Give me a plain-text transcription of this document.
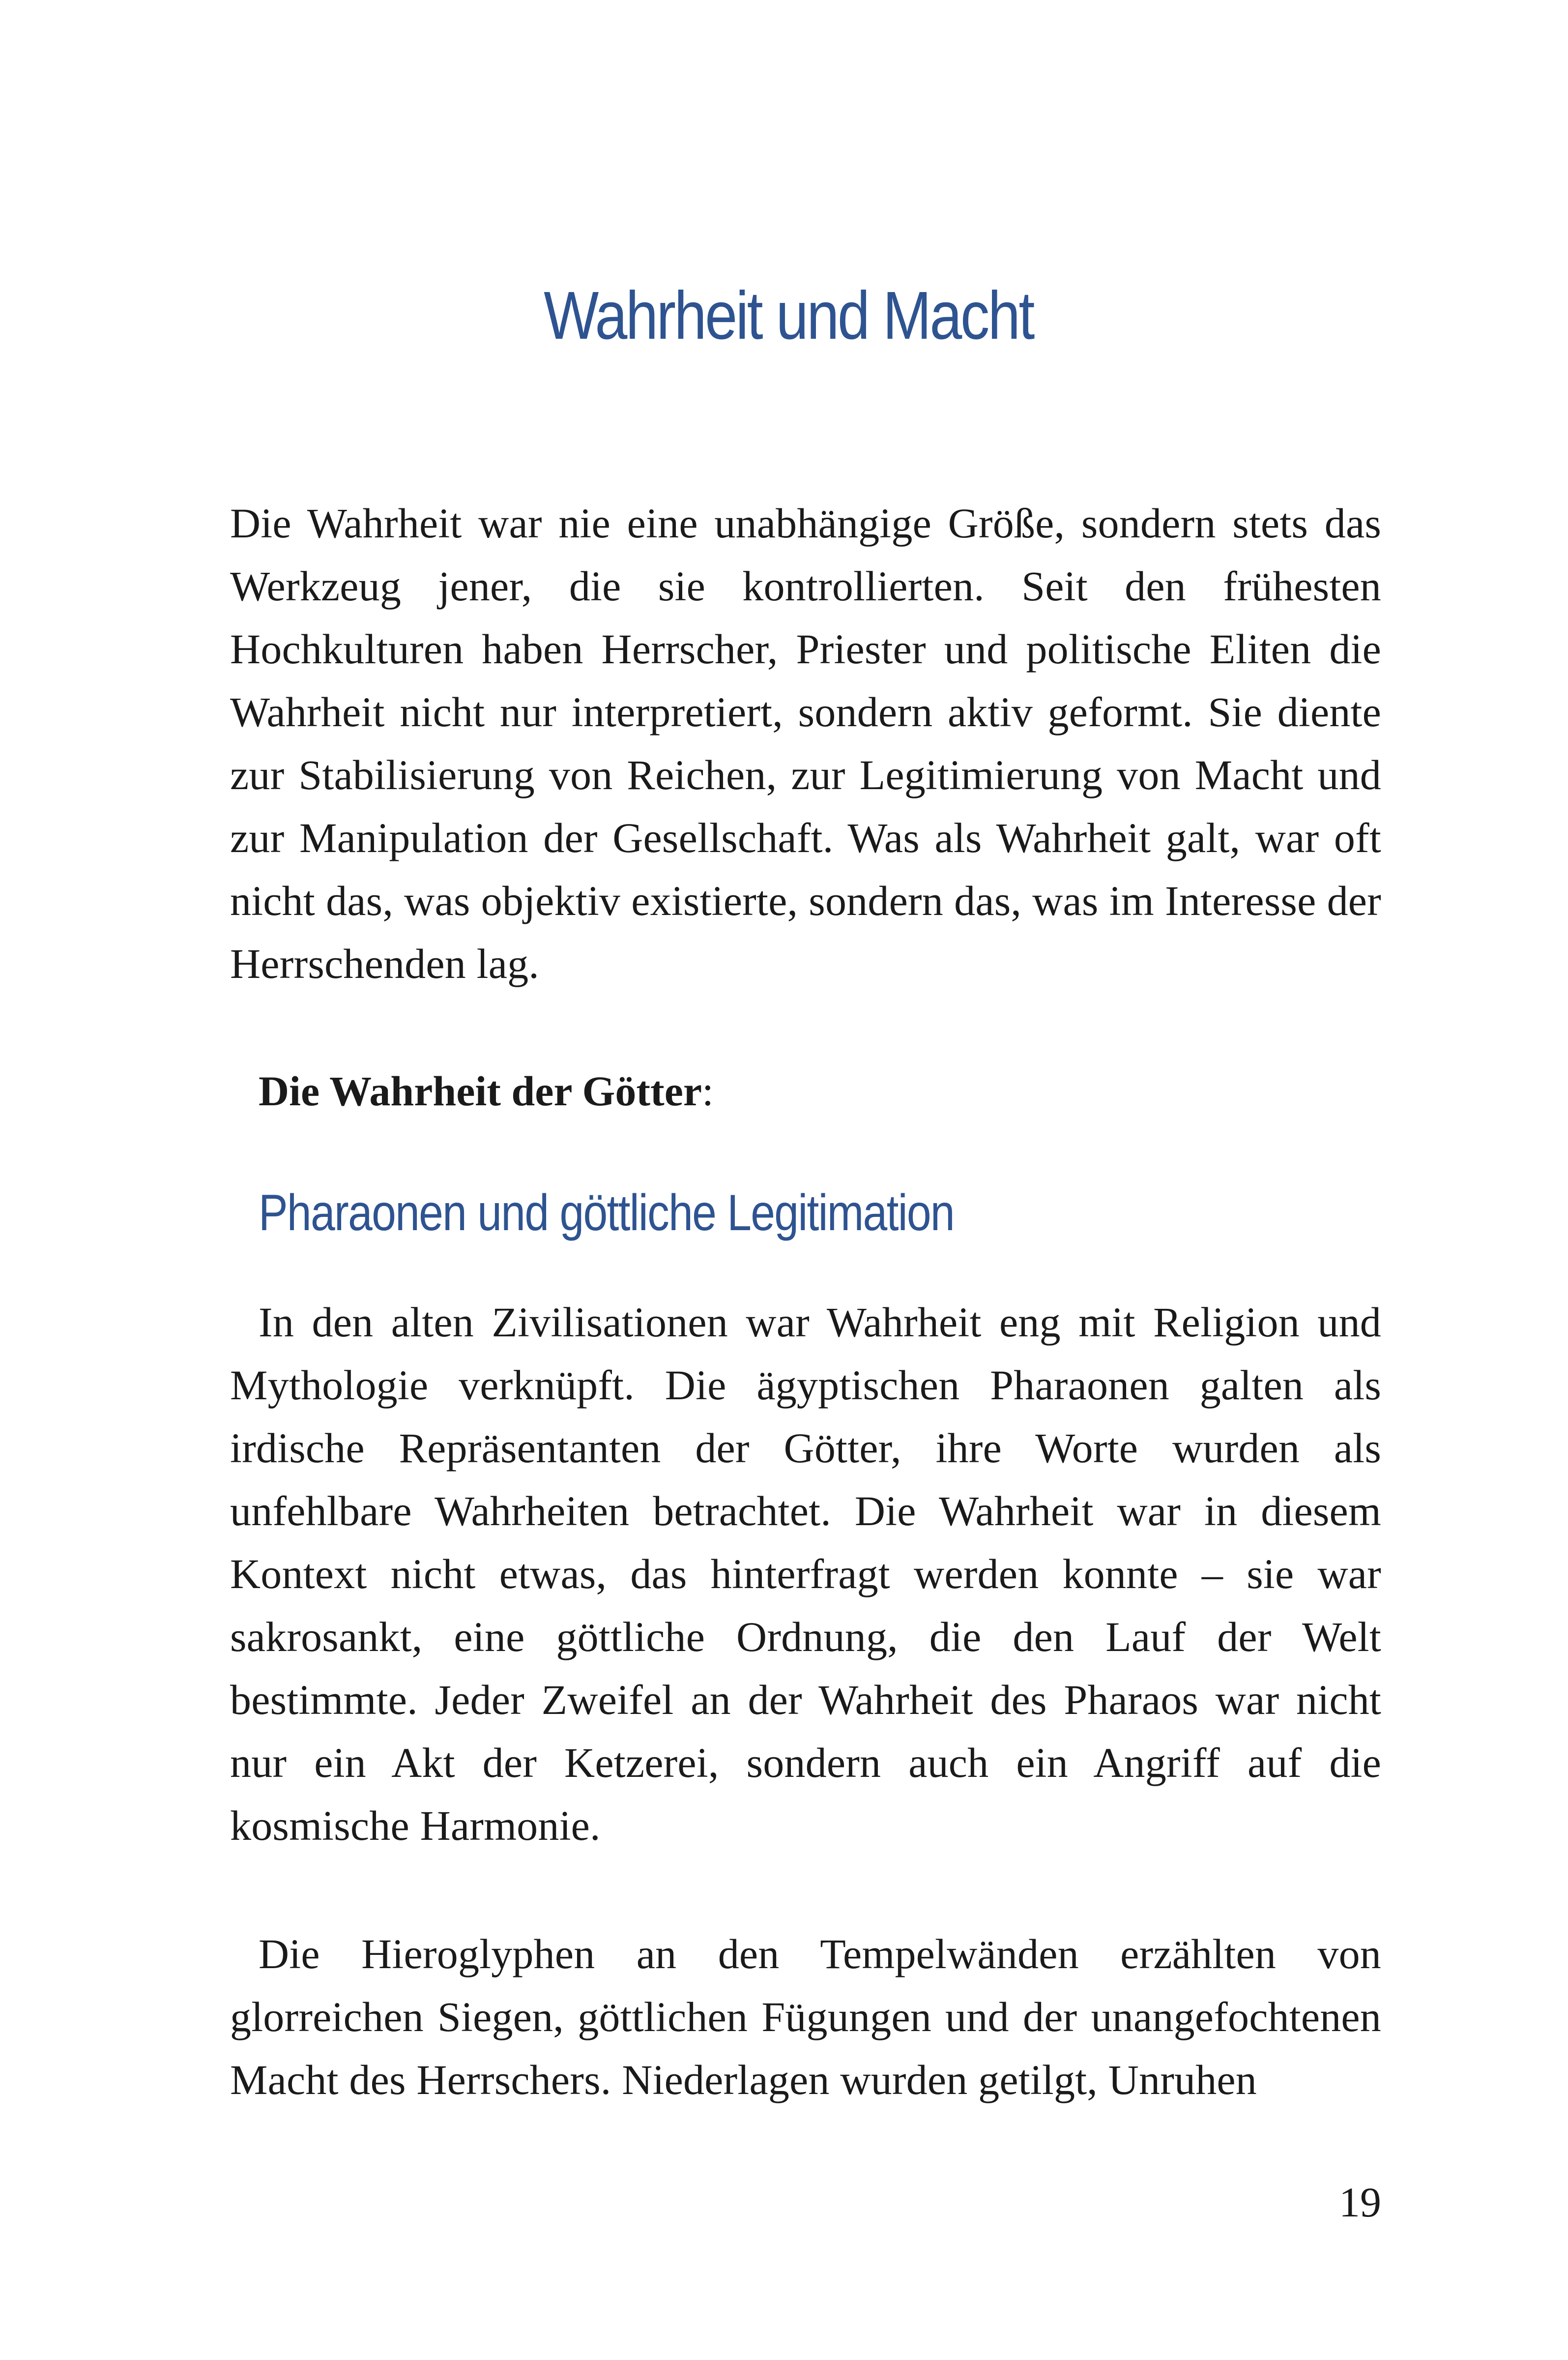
Wahrheit und Macht

Die Wahrheit war nie eine unabhängige Größe, sondern stets das Werkzeug jener, die sie kontrollierten. Seit den frühesten Hochkulturen haben Herrscher, Priester und politische Eliten die Wahrheit nicht nur interpretiert, sondern aktiv geformt. Sie diente zur Stabilisierung von Reichen, zur Legitimierung von Macht und zur Manipulation der Gesellschaft. Was als Wahrheit galt, war oft nicht das, was objektiv existierte, sondern das, was im Interesse der Herrschenden lag.

Die Wahrheit der Götter:

Pharaonen und göttliche Legitimation

In den alten Zivilisationen war Wahrheit eng mit Religion und Mythologie verknüpft. Die ägyptischen Pharaonen galten als irdische Repräsentanten der Götter, ihre Worte wurden als unfehlbare Wahrheiten betrachtet. Die Wahrheit war in diesem Kontext nicht etwas, das hinterfragt werden konnte – sie war sakrosankt, eine göttliche Ordnung, die den Lauf der Welt bestimmte. Jeder Zweifel an der Wahrheit des Pharaos war nicht nur ein Akt der Ketzerei, sondern auch ein Angriff auf die kosmische Harmonie.

Die Hieroglyphen an den Tempelwänden erzählten von glorreichen Siegen, göttlichen Fügungen und der unangefochtenen Macht des Herrschers. Niederlagen wurden getilgt, Unruhen

19
